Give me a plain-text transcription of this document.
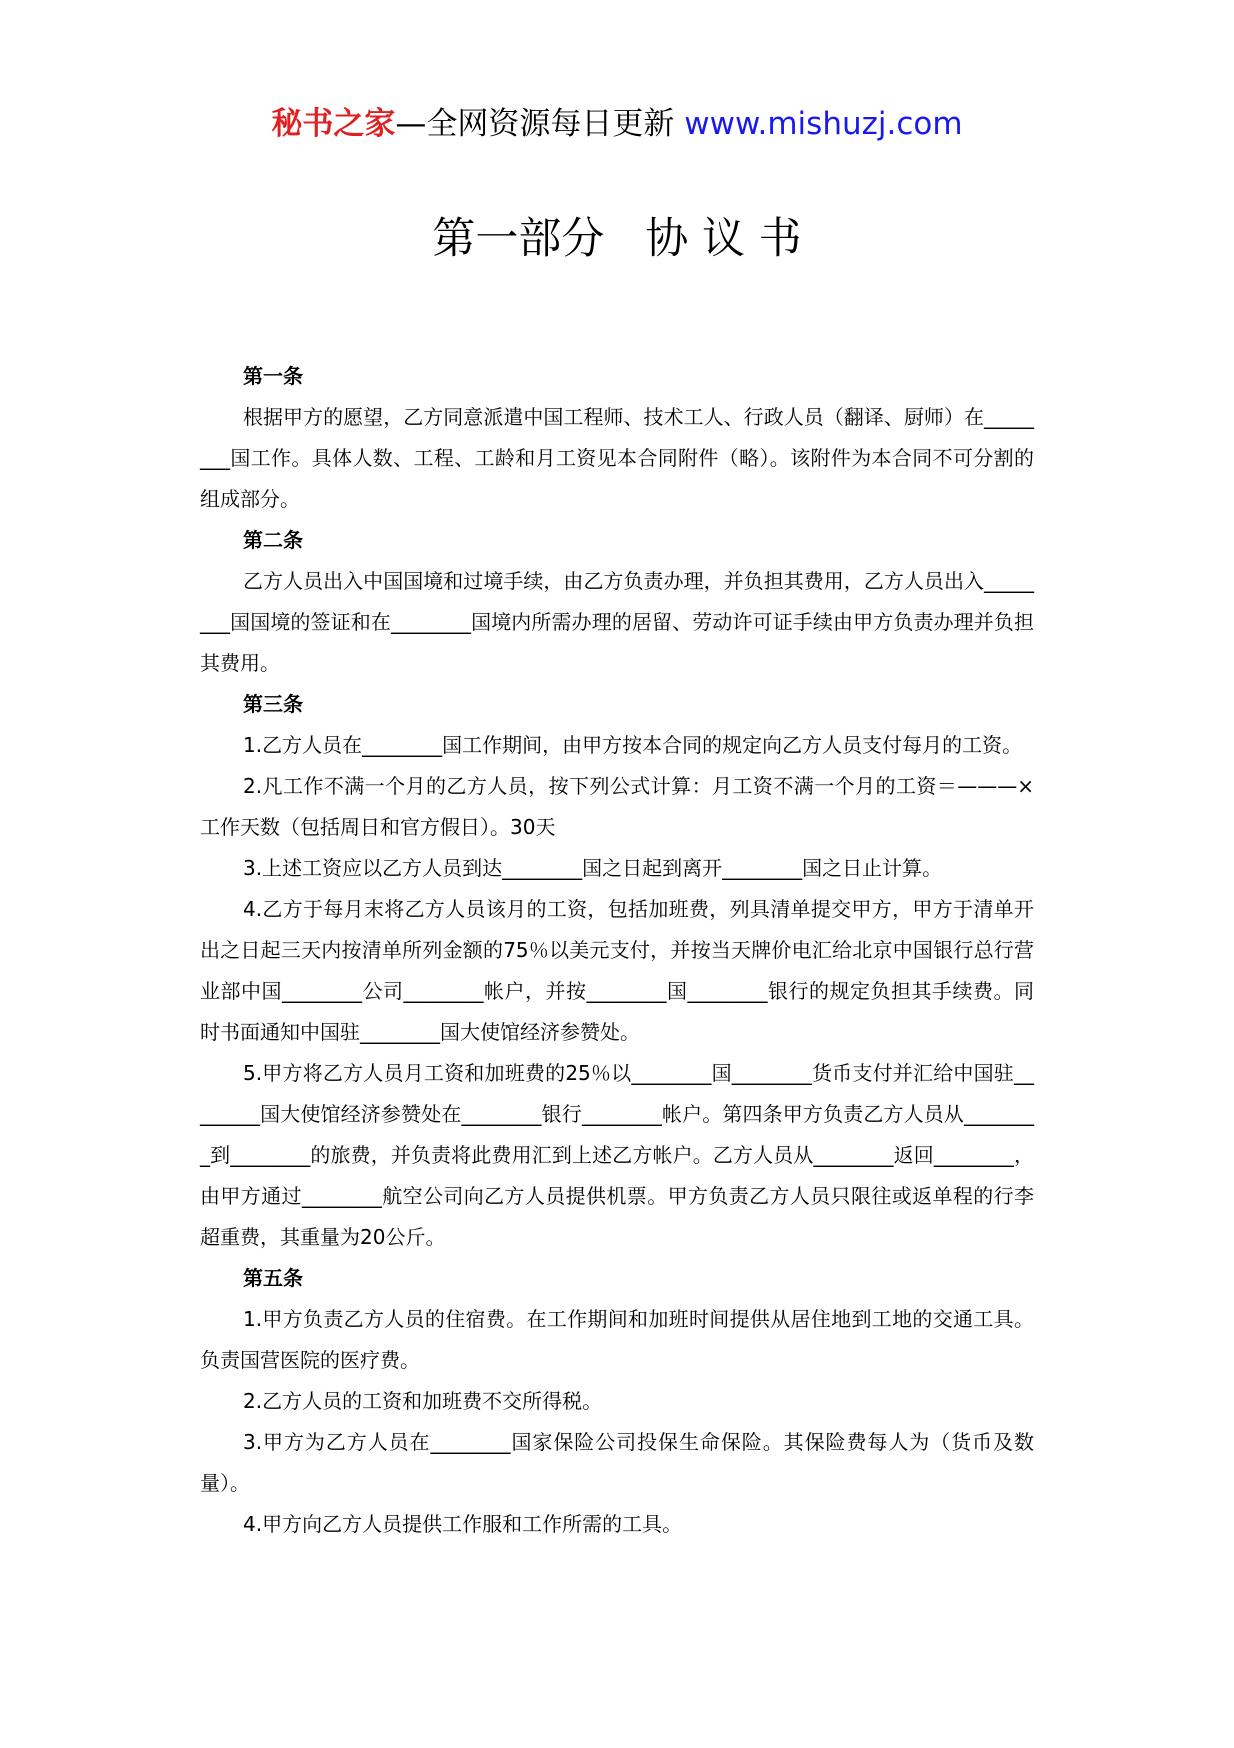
秘书之家—全网资源每日更新 www.mishuzj.com
第一部分   协 议 书

第一条

根据甲方的愿望，乙方同意派遣中国工程师、技术工人、行政人员（翻译、厨师）在________国工作。具体人数、工程、工龄和月工资见本合同附件（略）。该附件为本合同不可分割的组成部分。

第二条

乙方人员出入中国国境和过境手续，由乙方负责办理，并负担其费用，乙方人员出入________国国境的签证和在________国境内所需办理的居留、劳动许可证手续由甲方负责办理并负担其费用。

第三条

1.乙方人员在________国工作期间，由甲方按本合同的规定向乙方人员支付每月的工资。

2.凡工作不满一个月的乙方人员，按下列公式计算：月工资不满一个月的工资＝———×工作天数（包括周日和官方假日）。30天

3.上述工资应以乙方人员到达________国之日起到离开________国之日止计算。

4.乙方于每月末将乙方人员该月的工资，包括加班费，列具清单提交甲方，甲方于清单开出之日起三天内按清单所列金额的75％以美元支付，并按当天牌价电汇给北京中国银行总行营业部中国________公司________帐户，并按________国________银行的规定负担其手续费。同时书面通知中国驻________国大使馆经济参赞处。

5.甲方将乙方人员月工资和加班费的25％以________国________货币支付并汇给中国驻________国大使馆经济参赞处在________银行________帐户。第四条甲方负责乙方人员从________到________的旅费，并负责将此费用汇到上述乙方帐户。乙方人员从________返回________，由甲方通过________航空公司向乙方人员提供机票。甲方负责乙方人员只限往或返单程的行李超重费，其重量为20公斤。

第五条

1.甲方负责乙方人员的住宿费。在工作期间和加班时间提供从居住地到工地的交通工具。负责国营医院的医疗费。

2.乙方人员的工资和加班费不交所得税。

3.甲方为乙方人员在________国家保险公司投保生命保险。其保险费每人为（货币及数量）。

4.甲方向乙方人员提供工作服和工作所需的工具。
